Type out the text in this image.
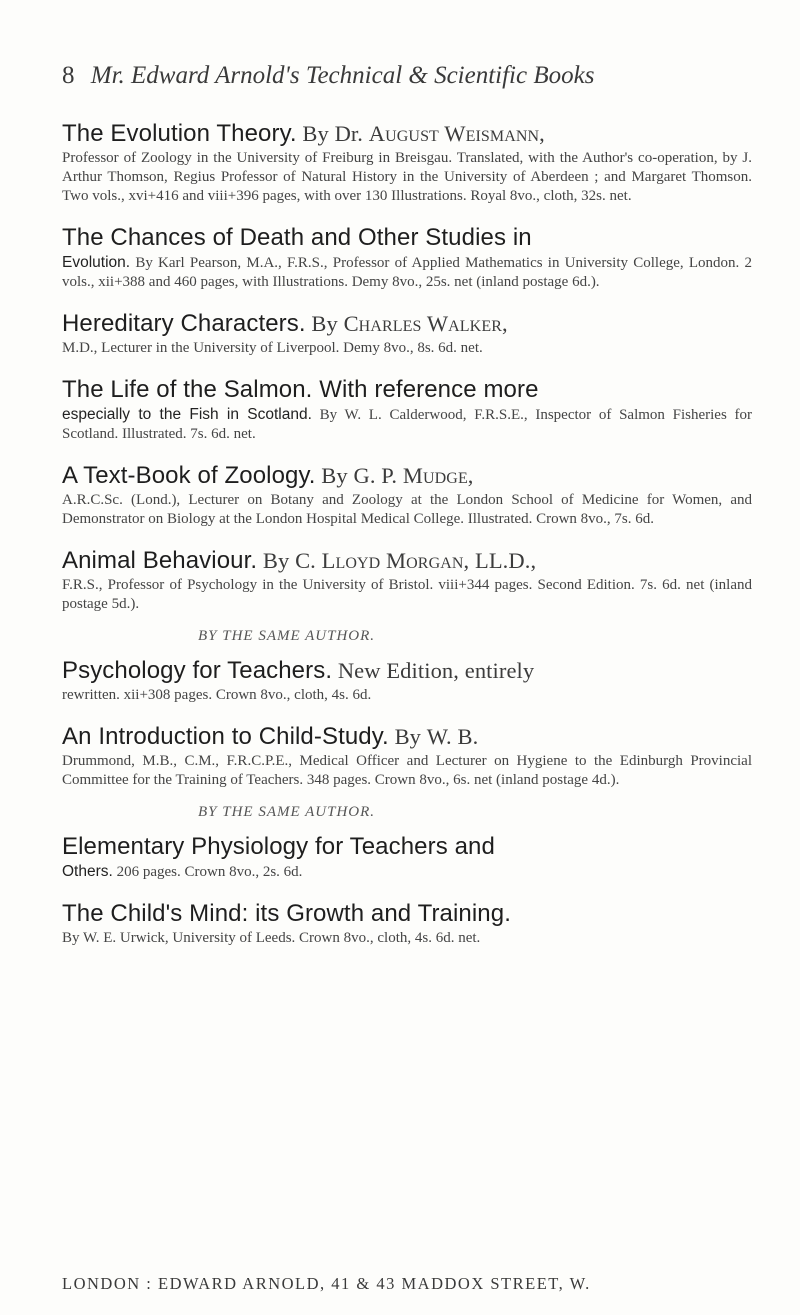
8 Mr. Edward Arnold's Technical & Scientific Books
The Evolution Theory. By Dr. August Weismann,
Professor of Zoology in the University of Freiburg in Breisgau. Translated, with the Author's co-operation, by J. Arthur Thomson, Regius Professor of Natural History in the University of Aberdeen ; and Margaret Thomson. Two vols., xvi+416 and viii+396 pages, with over 130 Illustrations. Royal 8vo., cloth, 32s. net.
The Chances of Death and Other Studies in
Evolution. By Karl Pearson, M.A., F.R.S., Professor of Applied Mathematics in University College, London. 2 vols., xii+388 and 460 pages, with Illustrations. Demy 8vo., 25s. net (inland postage 6d.).
Hereditary Characters. By Charles Walker,
M.D., Lecturer in the University of Liverpool. Demy 8vo., 8s. 6d. net.
The Life of the Salmon. With reference more
especially to the Fish in Scotland. By W. L. Calderwood, F.R.S.E., Inspector of Salmon Fisheries for Scotland. Illustrated. 7s. 6d. net.
A Text-Book of Zoology. By G. P. Mudge,
A.R.C.Sc. (Lond.), Lecturer on Botany and Zoology at the London School of Medicine for Women, and Demonstrator on Biology at the London Hospital Medical College. Illustrated. Crown 8vo., 7s. 6d.
Animal Behaviour. By C. Lloyd Morgan, LL.D.,
F.R.S., Professor of Psychology in the University of Bristol. viii+344 pages. Second Edition. 7s. 6d. net (inland postage 5d.).
BY THE SAME AUTHOR.
Psychology for Teachers. New Edition, entirely
rewritten. xii+308 pages. Crown 8vo., cloth, 4s. 6d.
An Introduction to Child-Study. By W. B.
Drummond, M.B., C.M., F.R.C.P.E., Medical Officer and Lecturer on Hygiene to the Edinburgh Provincial Committee for the Training of Teachers. 348 pages. Crown 8vo., 6s. net (inland postage 4d.).
BY THE SAME AUTHOR.
Elementary Physiology for Teachers and
Others. 206 pages. Crown 8vo., 2s. 6d.
The Child's Mind: its Growth and Training.
By W. E. Urwick, University of Leeds. Crown 8vo., cloth, 4s. 6d. net.
LONDON : EDWARD ARNOLD, 41 & 43 MADDOX STREET, W.
